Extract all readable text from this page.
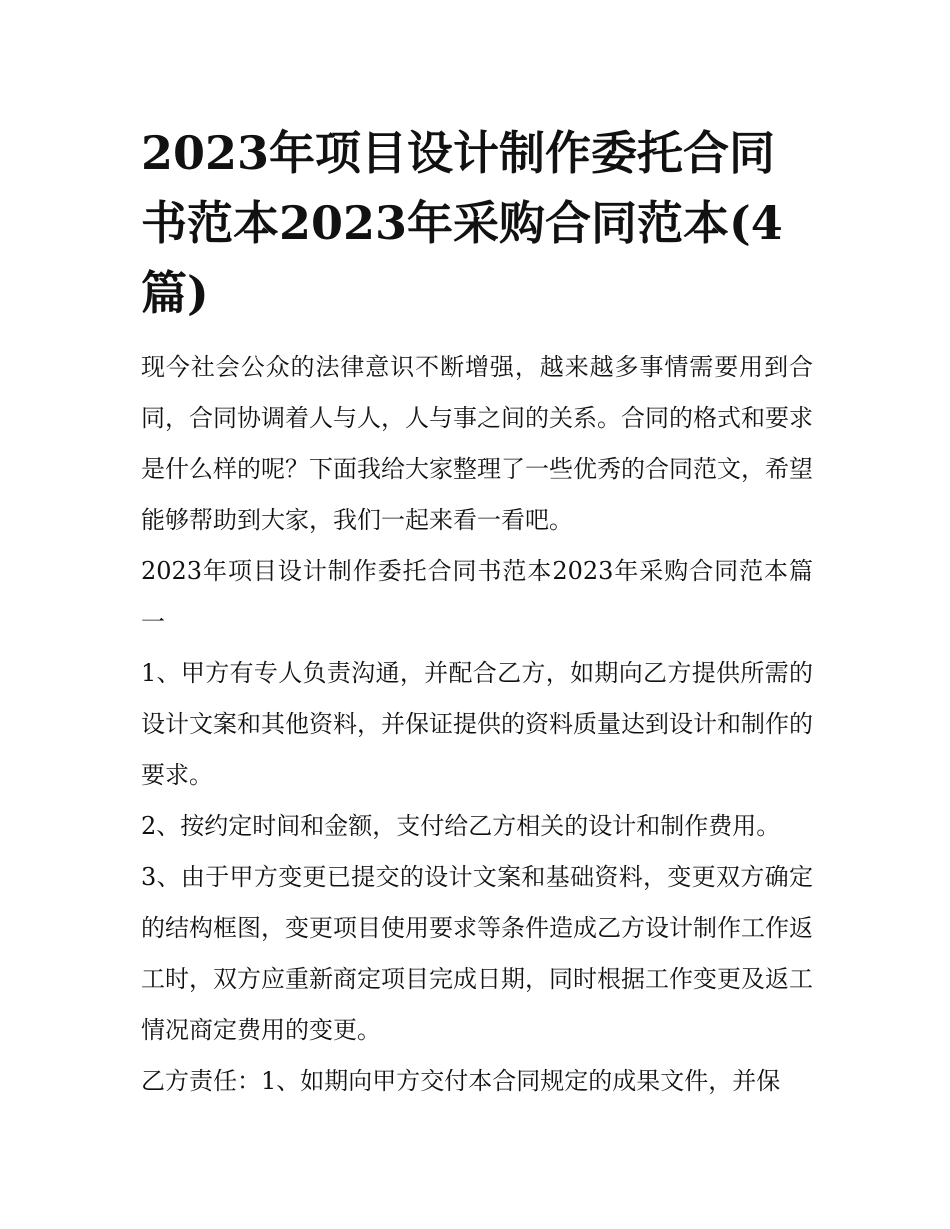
2023年项目设计制作委托合同书范本2023年采购合同范本(4篇)

现今社会公众的法律意识不断增强，越来越多事情需要用到合同，合同协调着人与人，人与事之间的关系。合同的格式和要求是什么样的呢？下面我给大家整理了一些优秀的合同范文，希望能够帮助到大家，我们一起来看一看吧。

2023年项目设计制作委托合同书范本2023年采购合同范本篇一

1、甲方有专人负责沟通，并配合乙方，如期向乙方提供所需的设计文案和其他资料，并保证提供的资料质量达到设计和制作的要求。

2、按约定时间和金额，支付给乙方相关的设计和制作费用。

3、由于甲方变更已提交的设计文案和基础资料，变更双方确定的结构框图，变更项目使用要求等条件造成乙方设计制作工作返工时，双方应重新商定项目完成日期，同时根据工作变更及返工情况商定费用的变更。

乙方责任：1、如期向甲方交付本合同规定的成果文件，并保
